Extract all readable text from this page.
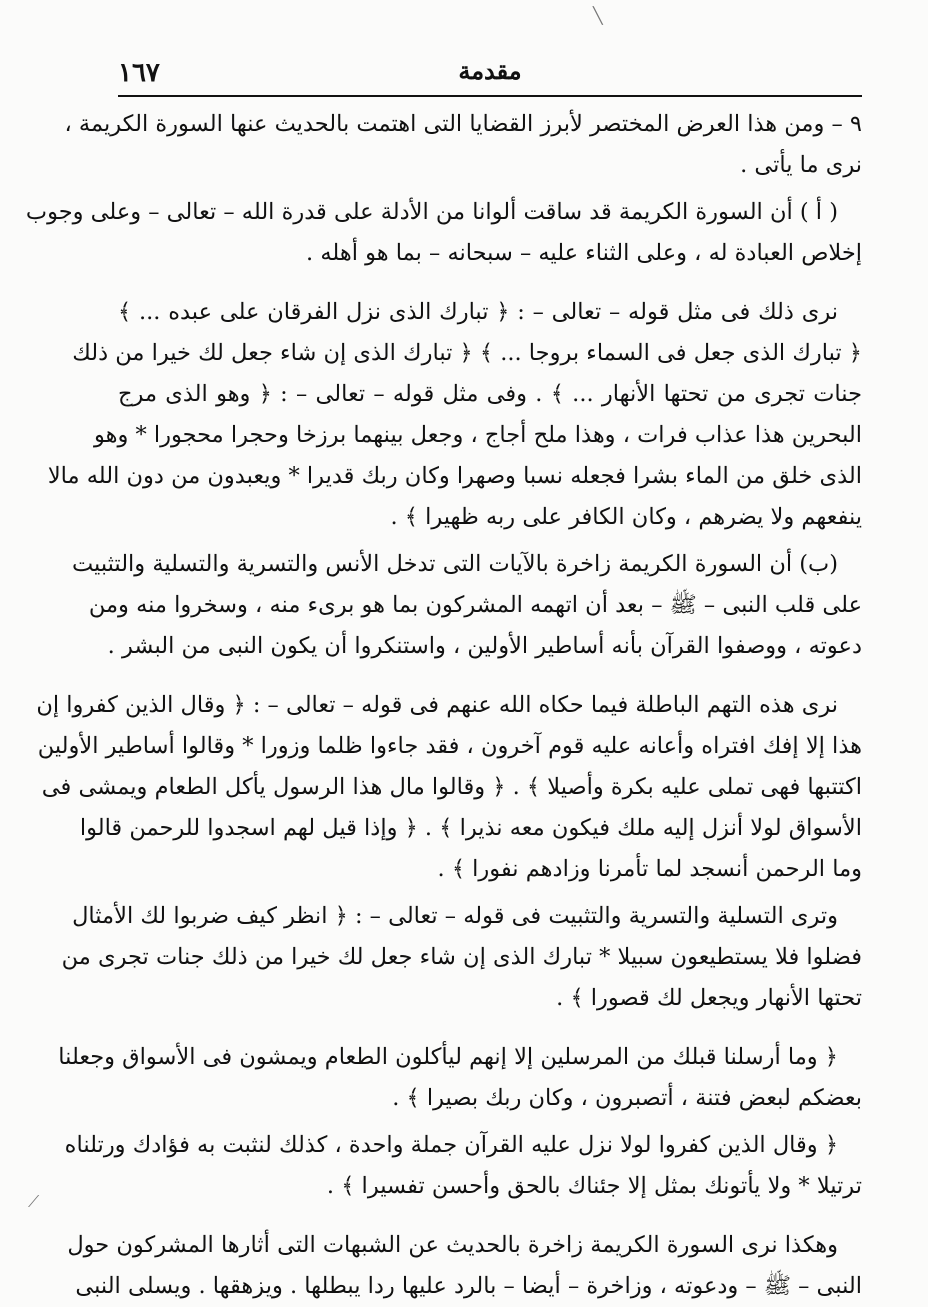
١٦٧	مقدمة
╲
⟋

٩ – ومن هذا العرض المختصر لأبرز القضايا التى اهتمت بالحديث عنها السورة الكريمة ،
نرى ما يأتى .

( أ ) أن السورة الكريمة قد ساقت ألوانا من الأدلة على قدرة الله – تعالى – وعلى وجوب
إخلاص العبادة له ، وعلى الثناء عليه – سبحانه – بما هو أهله .

نرى ذلك فى مثل قوله – تعالى – : ﴿ تبارك الذى نزل الفرقان على عبده ... ﴾
﴿ تبارك الذى جعل فى السماء بروجا ... ﴾ ﴿ تبارك الذى إن شاء جعل لك خيرا من ذلك
جنات تجرى من تحتها الأنهار ... ﴾ . وفى مثل قوله – تعالى – : ﴿ وهو الذى مرج
البحرين هذا عذاب فرات ، وهذا ملح أجاج ، وجعل بينهما برزخا وحجرا محجورا * وهو
الذى خلق من الماء بشرا فجعله نسبا وصهرا وكان ربك قديرا * ويعبدون من دون الله مالا
ينفعهم ولا يضرهم ، وكان الكافر على ربه ظهيرا ﴾ .

(ب) أن السورة الكريمة زاخرة بالآيات التى تدخل الأنس والتسرية والتسلية والتثبيت
على قلب النبى – ﷺ – بعد أن اتهمه المشركون بما هو برىء منه ، وسخروا منه ومن
دعوته ، ووصفوا القرآن بأنه أساطير الأولين ، واستنكروا أن يكون النبى من البشر .

نرى هذه التهم الباطلة فيما حكاه الله عنهم فى قوله – تعالى – : ﴿ وقال الذين كفروا إن
هذا إلا إفك افتراه وأعانه عليه قوم آخرون ، فقد جاءوا ظلما وزورا * وقالوا أساطير الأولين
اكتتبها فهى تملى عليه بكرة وأصيلا ﴾ . ﴿ وقالوا مال هذا الرسول يأكل الطعام ويمشى فى
الأسواق لولا أنزل إليه ملك فيكون معه نذيرا ﴾ . ﴿ وإذا قيل لهم اسجدوا للرحمن قالوا
وما الرحمن أنسجد لما تأمرنا وزادهم نفورا ﴾ .

وترى التسلية والتسرية والتثبيت فى قوله – تعالى – : ﴿ انظر كيف ضربوا لك الأمثال
فضلوا فلا يستطيعون سبيلا * تبارك الذى إن شاء جعل لك خيرا من ذلك جنات تجرى من
تحتها الأنهار ويجعل لك قصورا ﴾ .

﴿ وما أرسلنا قبلك من المرسلين إلا إنهم ليأكلون الطعام ويمشون فى الأسواق وجعلنا
بعضكم لبعض فتنة ، أتصبرون ، وكان ربك بصيرا ﴾ .

﴿ وقال الذين كفروا لولا نزل عليه القرآن جملة واحدة ، كذلك لنثبت به فؤادك ورتلناه
ترتيلا * ولا يأتونك بمثل إلا جئناك بالحق وأحسن تفسيرا ﴾ .

وهكذا نرى السورة الكريمة زاخرة بالحديث عن الشبهات التى أثارها المشركون حول
النبى – ﷺ – ودعوته ، وزاخرة – أيضا – بالرد عليها ردا يبطلها . ويزهقها . ويسلى النبى
